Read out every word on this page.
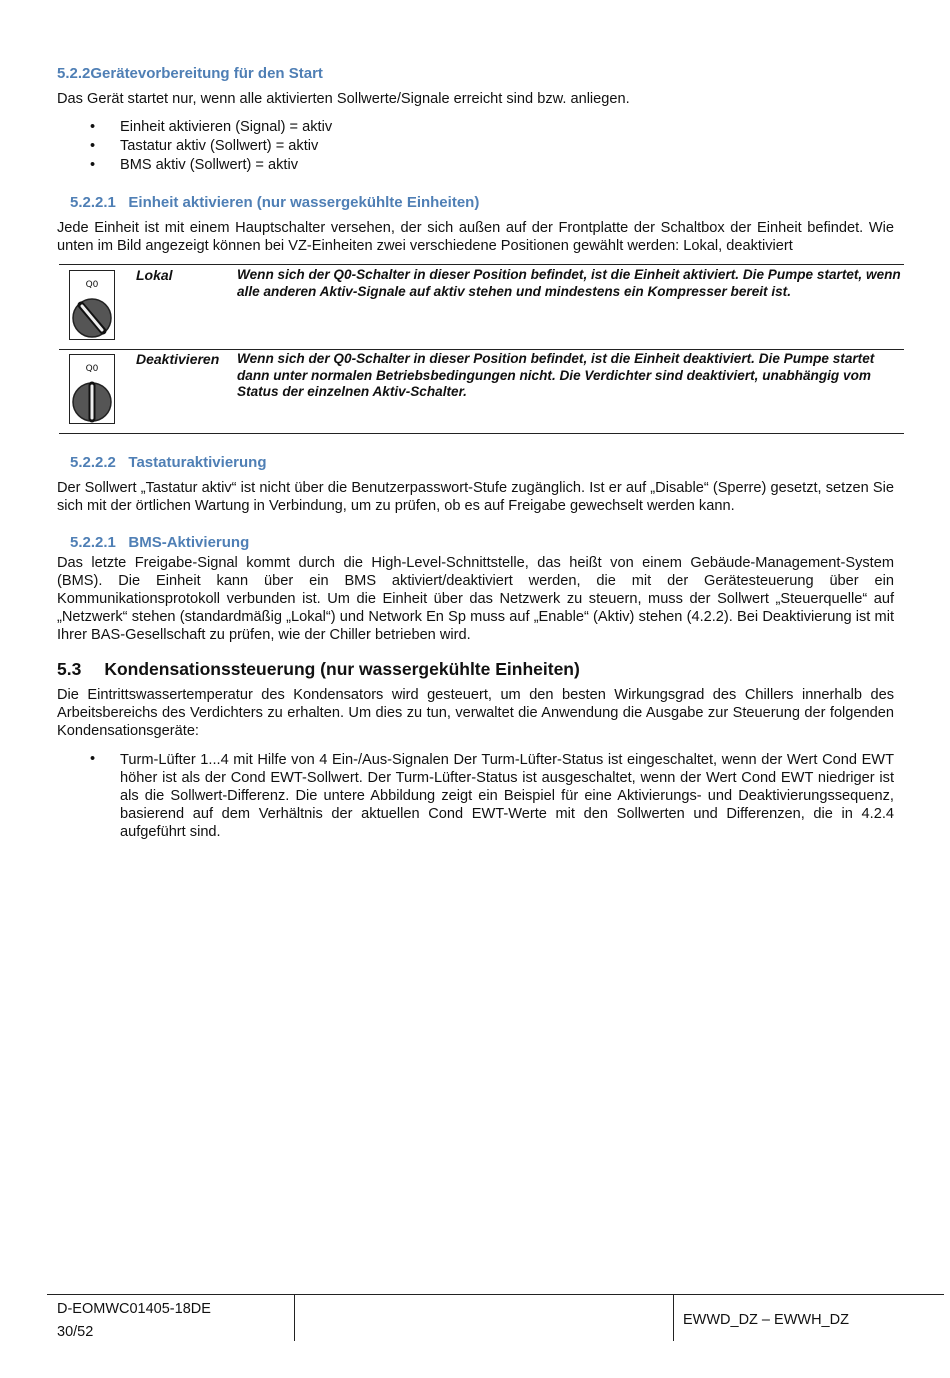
5.2.2Gerätevorbereitung für den Start
Das Gerät startet nur, wenn alle aktivierten Sollwerte/Signale erreicht sind bzw. anliegen.
• Einheit aktivieren (Signal) = aktiv
• Tastatur aktiv (Sollwert) = aktiv
• BMS aktiv (Sollwert) = aktiv
5.2.2.1 Einheit aktivieren (nur wassergekühlte Einheiten)
Jede Einheit ist mit einem Hauptschalter versehen, der sich außen auf der Frontplatte der Schaltbox der Einheit befindet. Wie unten im Bild angezeigt können bei VZ-Einheiten zwei verschiedene Positionen gewählt werden: Lokal, deaktiviert
Q0
Lokal	Wenn sich der Q0-Schalter in dieser Position befindet, ist die Einheit aktiviert. Die Pumpe startet, wenn alle anderen Aktiv-Signale auf aktiv stehen und mindestens ein Kompresser bereit ist.
Q0
Deaktivieren Wenn sich der Q0-Schalter in dieser Position befindet, ist die Einheit deaktiviert. Die Pumpe startet dann unter normalen Betriebsbedingungen nicht. Die Verdichter sind deaktiviert, unabhängig vom Status der einzelnen Aktiv-Schalter.
5.2.2.2 Tastaturaktivierung
Der Sollwert „Tastatur aktiv“ ist nicht über die Benutzerpasswort-Stufe zugänglich. Ist er auf „Disable“ (Sperre) gesetzt, setzen Sie sich mit der örtlichen Wartung in Verbindung, um zu prüfen, ob es auf Freigabe gewechselt werden kann.
5.2.2.1 BMS-Aktivierung
Das letzte Freigabe-Signal kommt durch die High-Level-Schnittstelle, das heißt von einem Gebäude-Management-System (BMS). Die Einheit kann über ein BMS aktiviert/deaktiviert werden, die mit der Gerätesteuerung über ein Kommunikationsprotokoll verbunden ist. Um die Einheit über das Netzwerk zu steuern, muss der Sollwert „Steuerquelle“ auf „Netzwerk“ stehen (standardmäßig „Lokal“) und Network En Sp muss auf „Enable“ (Aktiv) stehen (4.2.2). Bei Deaktivierung ist mit Ihrer BAS-Gesellschaft zu prüfen, wie der Chiller betrieben wird.
5.3 Kondensationssteuerung (nur wassergekühlte Einheiten)
Die Eintrittswassertemperatur des Kondensators wird gesteuert, um den besten Wirkungsgrad des Chillers innerhalb des Arbeitsbereichs des Verdichters zu erhalten. Um dies zu tun, verwaltet die Anwendung die Ausgabe zur Steuerung der folgenden Kondensationsgeräte:
• Turm-Lüfter 1...4 mit Hilfe von 4 Ein-/Aus-Signalen Der Turm-Lüfter-Status ist eingeschaltet, wenn der Wert Cond EWT höher ist als der Cond EWT-Sollwert. Der Turm-Lüfter-Status ist ausgeschaltet, wenn der Wert Cond EWT niedriger ist als die Sollwert-Differenz. Die untere Abbildung zeigt ein Beispiel für eine Aktivierungs- und Deaktivierungssequenz, basierend auf dem Verhältnis der aktuellen Cond EWT-Werte mit den Sollwerten und Differenzen, die in 4.2.4 aufgeführt sind.
D-EOMWC01405-18DE
30/52
EWWD_DZ – EWWH_DZ
